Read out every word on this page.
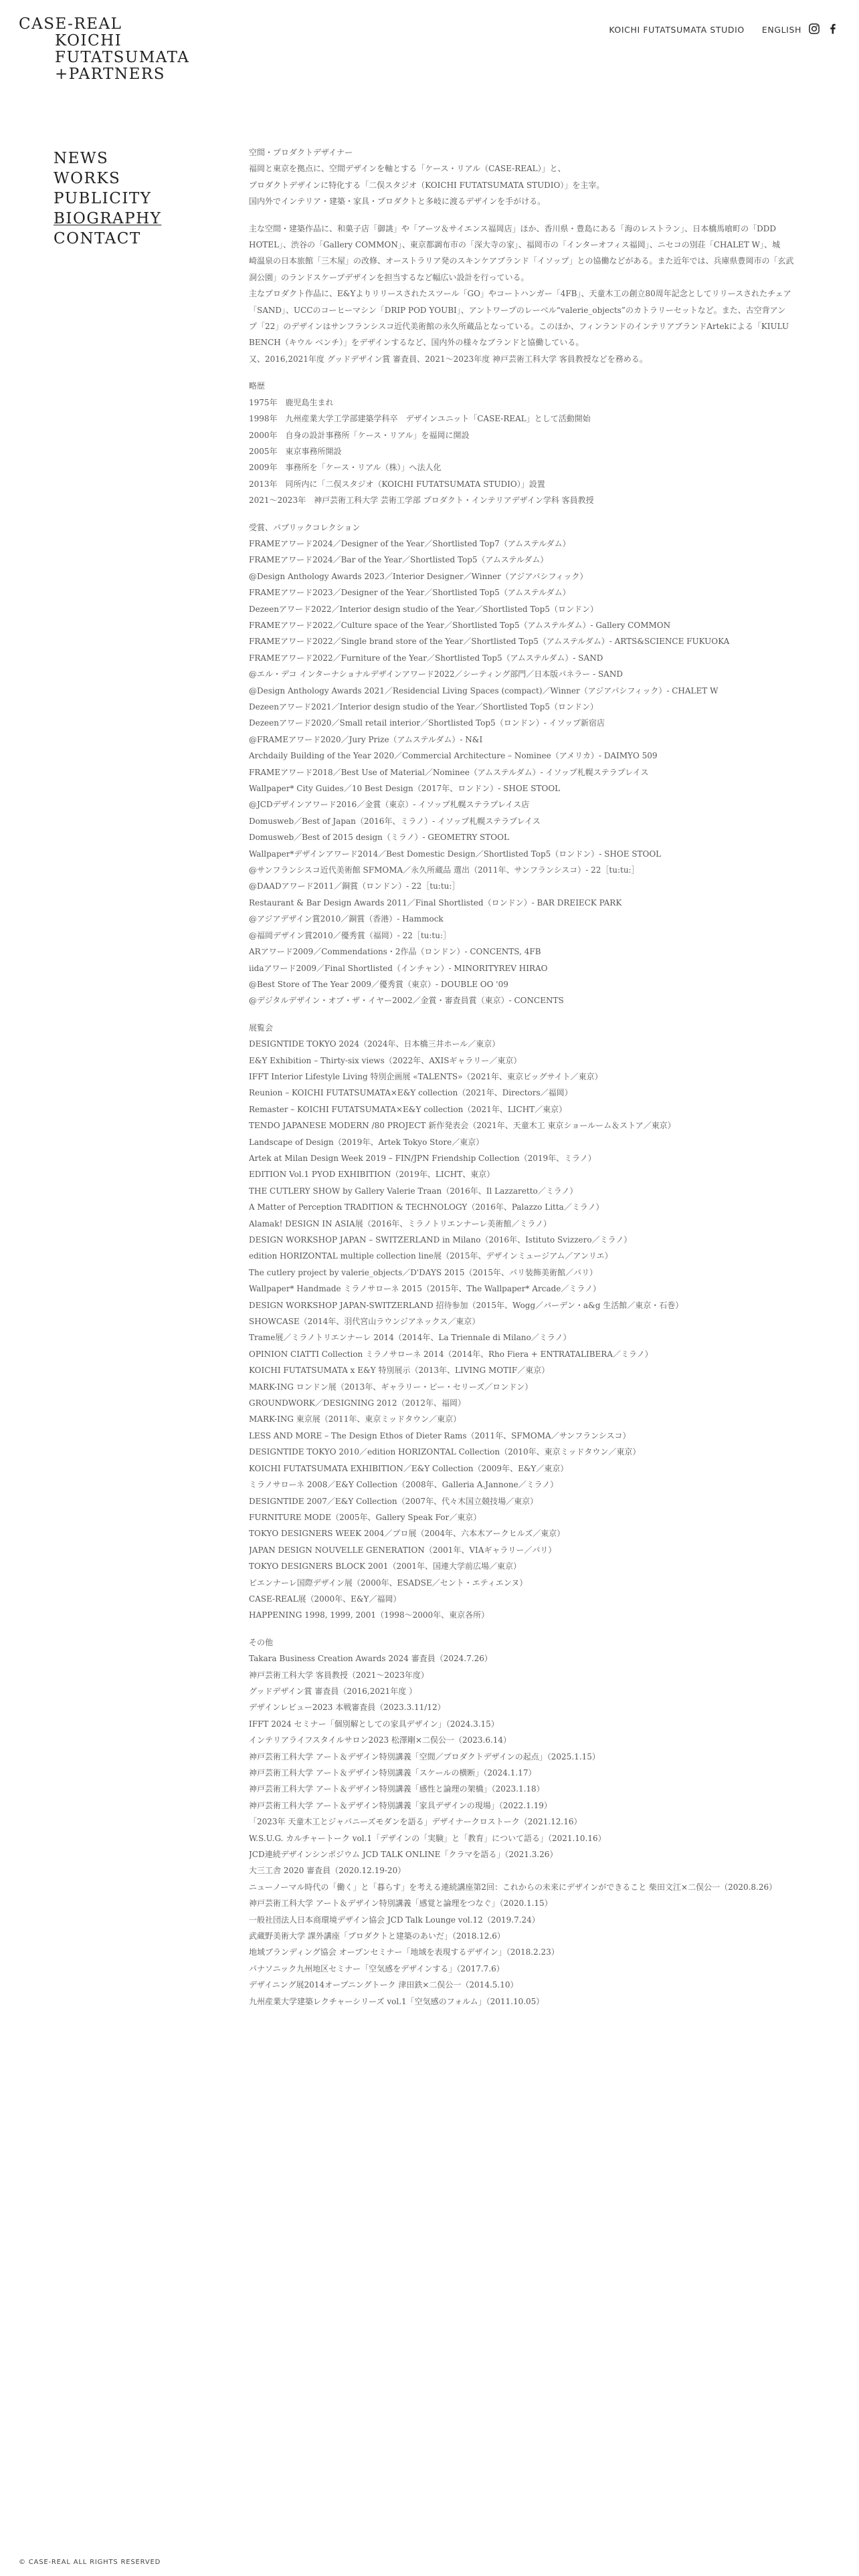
CASE-REAL
KOICHI
FUTATSUMATA
+PARTNERS
KOICHI FUTATSUMATA STUDIO ENGLISH
NEWS
WORKS
PUBLICITY
BIOGRAPHY
CONTACT

空間・プロダクトデザイナー

福岡と東京を拠点に、空間デザインを軸とする「ケース・リアル（CASE-REAL）」と、
プロダクトデザインに特化する「二俣スタジオ（KOICHI FUTATSUMATA STUDIO）」を主宰。
国内外でインテリア・建築・家具・プロダクトと多岐に渡るデザインを手がける。
主な空間・建築作品に、和菓子店「御誂」や「アーツ＆サイエンス福岡店」ほか、香川県・豊島にある「海のレストラン」、日本橋馬喰町の「DDD
HOTEL」、渋谷の「Gallery COMMON」、東京都調布市の「深大寺の家」、福岡市の「インターオフィス福岡」、ニセコの別荘「CHALET W」、城
崎温泉の日本旅館「三木屋」の改修、オーストラリア発のスキンケアブランド「イソップ」との協働などがある。また近年では、兵庫県豊岡市の「玄武
洞公園」のランドスケープデザインを担当するなど幅広い設計を行っている。
主なプロダクト作品に、E&Yよりリリースされたスツール「GO」やコートハンガー「4FB」、天童木工の創立80周年記念としてリリースされたチェア
「SAND」、UCCのコーヒーマシン「DRIP POD YOUBI」、アントワープのレーベル“valerie_objects”のカトラリーセットなど。また、古空背アン
プ「22」のデザインはサンフランシスコ近代美術館の永久所蔵品となっている。このほか、フィンランドのインテリアブランドArtekによる「KIULU
BENCH（キウル ベンチ）」をデザインするなど、国内外の様々なブランドと協働している。
又、2016,2021年度 グッドデザイン賞 審査員、2021〜2023年度 神戸芸術工科大学 客員教授などを務める。

略歴

1975年　鹿児島生まれ
1998年　九州産業大学工学部建築学科卒　デザインユニット「CASE-REAL」として活動開始
2000年　自身の設計事務所「ケース・リアル」を福岡に開設
2005年　東京事務所開設
2009年　事務所を「ケース・リアル（株）」へ法人化
2013年　同所内に「二俣スタジオ（KOICHI FUTATSUMATA STUDIO）」設置
2021〜2023年　神戸芸術工科大学 芸術工学部 プロダクト・インテリアデザイン学科 客員教授

受賞、パブリックコレクション

FRAMEアワード2024／Designer of the Year／Shortlisted Top7（アムステルダム）
FRAMEアワード2024／Bar of the Year／Shortlisted Top5（アムステルダム）
@Design Anthology Awards 2023／Interior Designer／Winner（アジアパシフィック）
FRAMEアワード2023／Designer of the Year／Shortlisted Top5（アムステルダム）
Dezeenアワード2022／Interior design studio of the Year／Shortlisted Top5（ロンドン）
FRAMEアワード2022／Culture space of the Year／Shortlisted Top5（アムステルダム）- Gallery COMMON
FRAMEアワード2022／Single brand store of the Year／Shortlisted Top5（アムステルダム）- ARTS&SCIENCE FUKUOKA
FRAMEアワード2022／Furniture of the Year／Shortlisted Top5（アムステルダム）- SAND
@エル・デコ インターナショナルデザインアワード2022／シーティング部門／日本版パネラー - SAND
@Design Anthology Awards 2021／Residencial Living Spaces (compact)／Winner（アジアパシフィック）- CHALET W
Dezeenアワード2021／Interior design studio of the Year／Shortlisted Top5（ロンドン）
Dezeenアワード2020／Small retail interior／Shortlisted Top5（ロンドン）- イソップ新宿店
@FRAMEアワード2020／Jury Prize（アムステルダム）- N&I
Archdaily Building of the Year 2020／Commercial Architecture – Nominee（アメリカ）- DAIMYO 509
FRAMEアワード2018／Best Use of Material／Nominee（アムステルダム）- イソップ札幌ステラプレイス
Wallpaper* City Guides／10 Best Design（2017年、ロンドン）- SHOE STOOL
@JCDデザインアワード2016／金賞（東京）- イソップ札幌ステラプレイス店
Domusweb／Best of Japan（2016年、ミラノ）- イソップ札幌ステラプレイス
Domusweb／Best of 2015 design（ミラノ）- GEOMETRY STOOL
Wallpaper*デザインアワード2014／Best Domestic Design／Shortlisted Top5（ロンドン）- SHOE STOOL
@サンフランシスコ近代美術館 SFMOMA／永久所蔵品 選出（2011年、サンフランシスコ）- 22［tu:tu:］
@DAADアワード2011／銅賞（ロンドン）- 22［tu:tu:］
Restaurant & Bar Design Awards 2011／Final Shortlisted（ロンドン）- BAR DREIECK PARK
@アジアデザイン賞2010／銅賞（香港）- Hammock
@福岡デザイン賞2010／優秀賞（福岡）- 22［tu:tu:］
ARアワード2009／Commendations・2作品（ロンドン）- CONCENTS, 4FB
iidaアワード2009／Final Shortlisted（インチャン）- MINORITYREV HIRAO
@Best Store of The Year 2009／優秀賞（東京）- DOUBLE OO '09
@デジタルデザイン・オブ・ザ・イヤー2002／金賞・審査員賞（東京）- CONCENTS

展覧会

DESIGNTIDE TOKYO 2024（2024年、日本橋三井ホール／東京）
E&Y Exhibition – Thirty-six views（2022年、AXISギャラリー／東京）
IFFT Interior Lifestyle Living 特別企画展 «TALENTS»（2021年、東京ビッグサイト／東京）
Reunion – KOICHI FUTATSUMATA×E&Y collection（2021年、Directors／福岡）
Remaster – KOICHI FUTATSUMATA×E&Y collection（2021年、LICHT／東京）
TENDO JAPANESE MODERN /80 PROJECT 新作発表会（2021年、天童木工 東京ショールーム＆ストア／東京）
Landscape of Design（2019年、Artek Tokyo Store／東京）
Artek at Milan Design Week 2019 – FIN/JPN Friendship Collection（2019年、ミラノ）
EDITION Vol.1 PYOD EXHIBITION（2019年、LICHT、東京）
THE CUTLERY SHOW by Gallery Valerie Traan（2016年、Il Lazzaretto／ミラノ）
A Matter of Perception TRADITION & TECHNOLOGY（2016年、Palazzo Litta／ミラノ）
Alamak! DESIGN IN ASIA展（2016年、ミラノトリエンナーレ美術館／ミラノ）
DESIGN WORKSHOP JAPAN – SWITZERLAND in Milano（2016年、Istituto Svizzero／ミラノ）
edition HORIZONTAL multiple collection line展（2015年、デザインミュージアム／アンリエ）
The cutlery project by valerie_objects／D'DAYS 2015（2015年、パリ装飾美術館／パリ）
Wallpaper* Handmade ミラノサローネ 2015（2015年、The Wallpaper* Arcade／ミラノ）
DESIGN WORKSHOP JAPAN-SWITZERLAND 招待参加（2015年、Wogg／バーデン・a&g 生活館／東京・石巻）
SHOWCASE（2014年、羽代宮山ラウンジアネックス／東京）
Trame展／ミラノトリエンナーレ 2014（2014年、La Triennale di Milano／ミラノ）
OPINION CIATTI Collection ミラノサローネ 2014（2014年、Rho Fiera + ENTRATALIBERA／ミラノ）
KOICHI FUTATSUMATA x E&Y 特別展示（2013年、LIVING MOTIF／東京）
MARK-ING ロンドン展（2013年、ギャラリー・ピー・セリーズ／ロンドン）
GROUNDWORK／DESIGNING 2012（2012年、福岡）
MARK-ING 東京展（2011年、東京ミッドタウン／東京）
LESS AND MORE – The Design Ethos of Dieter Rams（2011年、SFMOMA／サンフランシスコ）
DESIGNTIDE TOKYO 2010／edition HORIZONTAL Collection（2010年、東京ミッドタウン／東京）
KOICHI FUTATSUMATA EXHIBITION／E&Y Collection（2009年、E&Y／東京）
ミラノサローネ 2008／E&Y Collection（2008年、Galleria A.Jannone／ミラノ）
DESIGNTIDE 2007／E&Y Collection（2007年、代々木国立競技場／東京）
FURNITURE MODE（2005年、Gallery Speak For／東京）
TOKYO DESIGNERS WEEK 2004／プロ展（2004年、六本木アークヒルズ／東京）
JAPAN DESIGN NOUVELLE GENERATION（2001年、VIAギャラリー／パリ）
TOKYO DESIGNERS BLOCK 2001（2001年、国連大学前広場／東京）
ビエンナーレ国際デザイン展（2000年、ESADSE／セント・エティエンヌ）
CASE-REAL展（2000年、E&Y／福岡）
HAPPENING 1998, 1999, 2001（1998〜2000年、東京各所）

その他

Takara Business Creation Awards 2024 審査員（2024.7.26）
神戸芸術工科大学 客員教授（2021〜2023年度）
グッドデザイン賞 審査員（2016,2021年度 ）
デザインレビュー2023 本戦審査員（2023.3.11/12）
IFFT 2024 セミナー「個別解としての家具デザイン」（2024.3.15）
インテリアライフスタイルサロン2023 松澤剛×二俣公一（2023.6.14）
神戸芸術工科大学 アート＆デザイン特別講義「空間／プロダクトデザインの起点」（2025.1.15）
神戸芸術工科大学 アート＆デザイン特別講義「スケールの横断」（2024.1.17）
神戸芸術工科大学 アート＆デザイン特別講義「感性と論理の架橋」（2023.1.18）
神戸芸術工科大学 アート＆デザイン特別講義「家具デザインの現場」（2022.1.19）
「2023年 天童木工とジャパニーズモダンを語る」デザイナークロストーク（2021.12.16）
W.S.U.G. カルチャートーク vol.1「デザインの「実験」と「教育」について語る」（2021.10.16）
JCD連続デザインシンポジウム JCD TALK ONLINE「クラマを語る」（2021.3.26）
大三工舎 2020 審査員（2020.12.19-20）
ニューノーマル時代の「働く」と「暮らす」を考える連続講座第2回：これからの未来にデザインができること 柴田文江×二俣公一（2020.8.26）
神戸芸術工科大学 アート＆デザイン特別講義「感覚と論理をつなぐ」（2020.1.15）
一般社団法人日本商環境デザイン協会 JCD Talk Lounge vol.12（2019.7.24）
武蔵野美術大学 課外講座「プロダクトと建築のあいだ」（2018.12.6）
地域ブランディング協会 オープンセミナー「地域を表現するデザイン」（2018.2.23）
パナソニック九州地区セミナー「空気感をデザインする」（2017.7.6）
デザイニング展2014オープニングトーク 津田鉄×二俣公一（2014.5.10）
九州産業大学建築レクチャーシリーズ vol.1「空気感のフォルム」（2011.10.05）
© CASE-REAL ALL RIGHTS RESERVED
